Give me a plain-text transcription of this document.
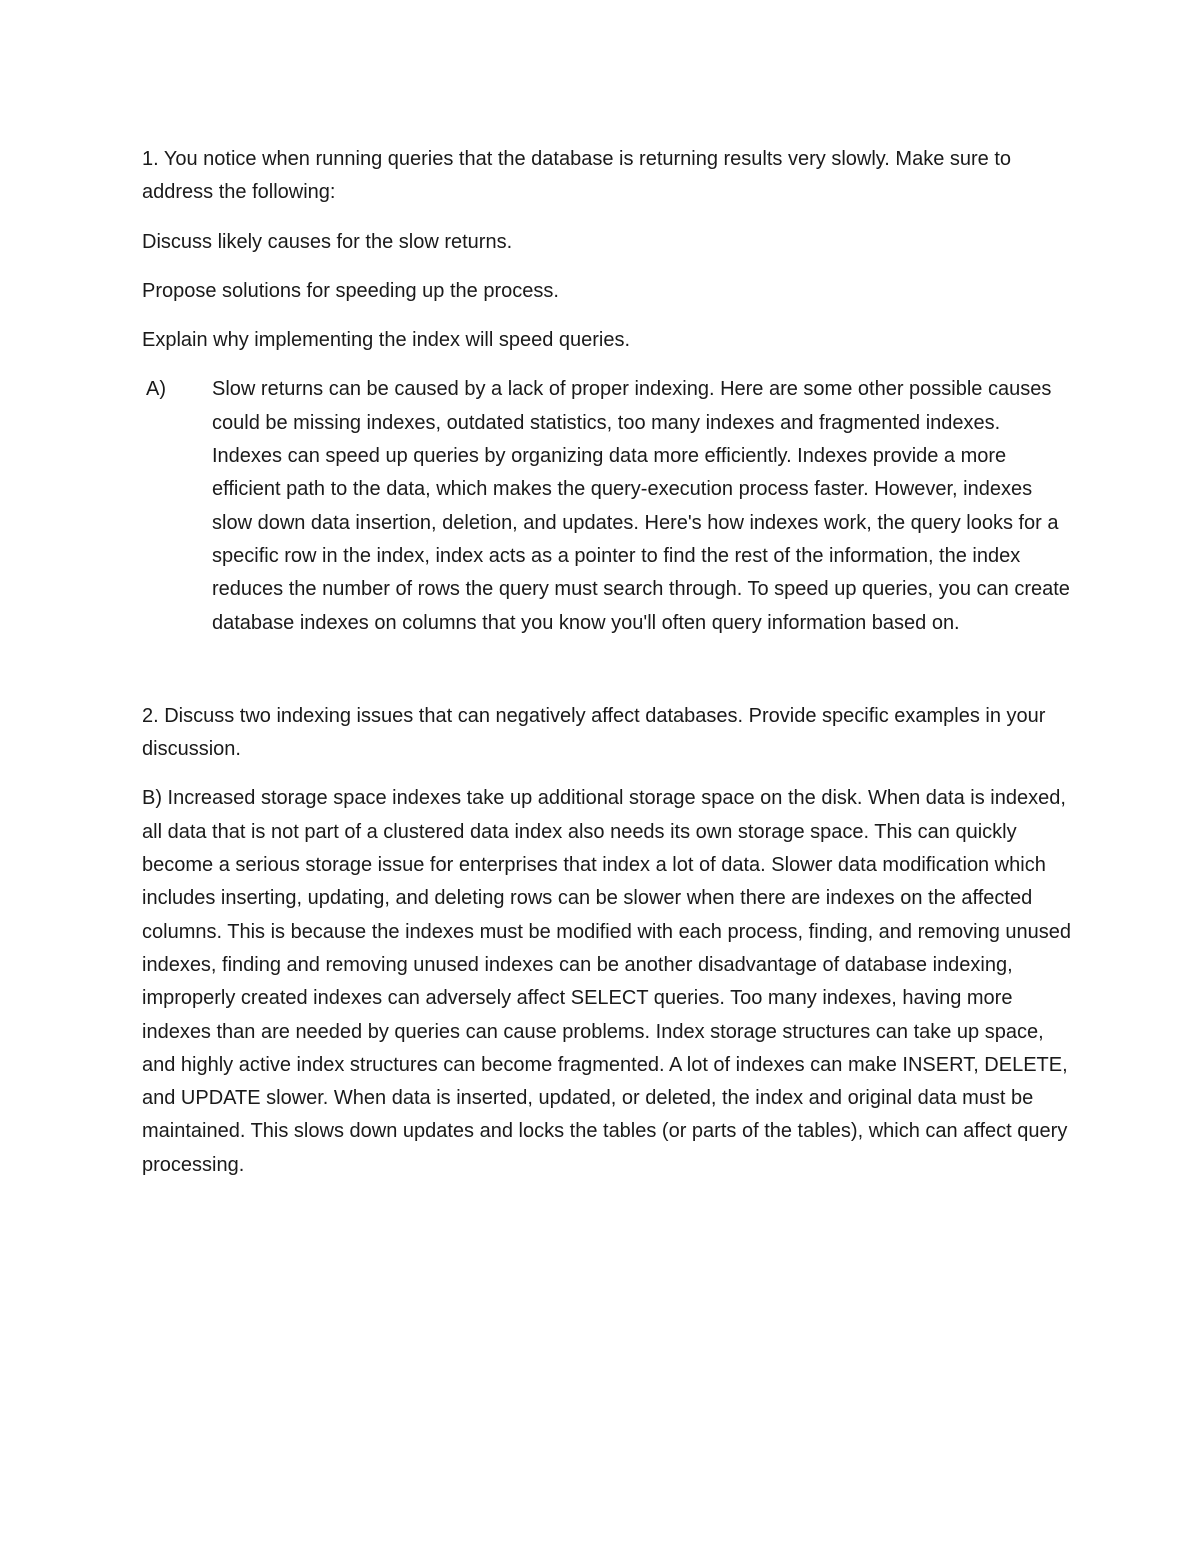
1. You notice when running queries that the database is returning results very slowly. Make sure to address the following:

Discuss likely causes for the slow returns.

Propose solutions for speeding up the process.

Explain why implementing the index will speed queries.

A)	Slow returns can be caused by a lack of proper indexing. Here are some other possible causes could be missing indexes, outdated statistics, too many indexes and fragmented indexes. Indexes can speed up queries by organizing data more efficiently. Indexes provide a more efficient path to the data, which makes the query-execution process faster. However, indexes slow down data insertion, deletion, and updates. Here's how indexes work, the query looks for a specific row in the index, index acts as a pointer to find the rest of the information, the index reduces the number of rows the query must search through. To speed up queries, you can create database indexes on columns that you know you'll often query information based on.

2. Discuss two indexing issues that can negatively affect databases. Provide specific examples in your discussion.

B) Increased storage space indexes take up additional storage space on the disk. When data is indexed, all data that is not part of a clustered data index also needs its own storage space. This can quickly become a serious storage issue for enterprises that index a lot of data. Slower data modification which includes inserting, updating, and deleting rows can be slower when there are indexes on the affected columns. This is because the indexes must be modified with each process, finding, and removing unused indexes, finding and removing unused indexes can be another disadvantage of database indexing, improperly created indexes can adversely affect SELECT queries. Too many indexes, having more indexes than are needed by queries can cause problems. Index storage structures can take up space, and highly active index structures can become fragmented. A lot of indexes can make INSERT, DELETE, and UPDATE slower. When data is inserted, updated, or deleted, the index and original data must be maintained. This slows down updates and locks the tables (or parts of the tables), which can affect query processing.
